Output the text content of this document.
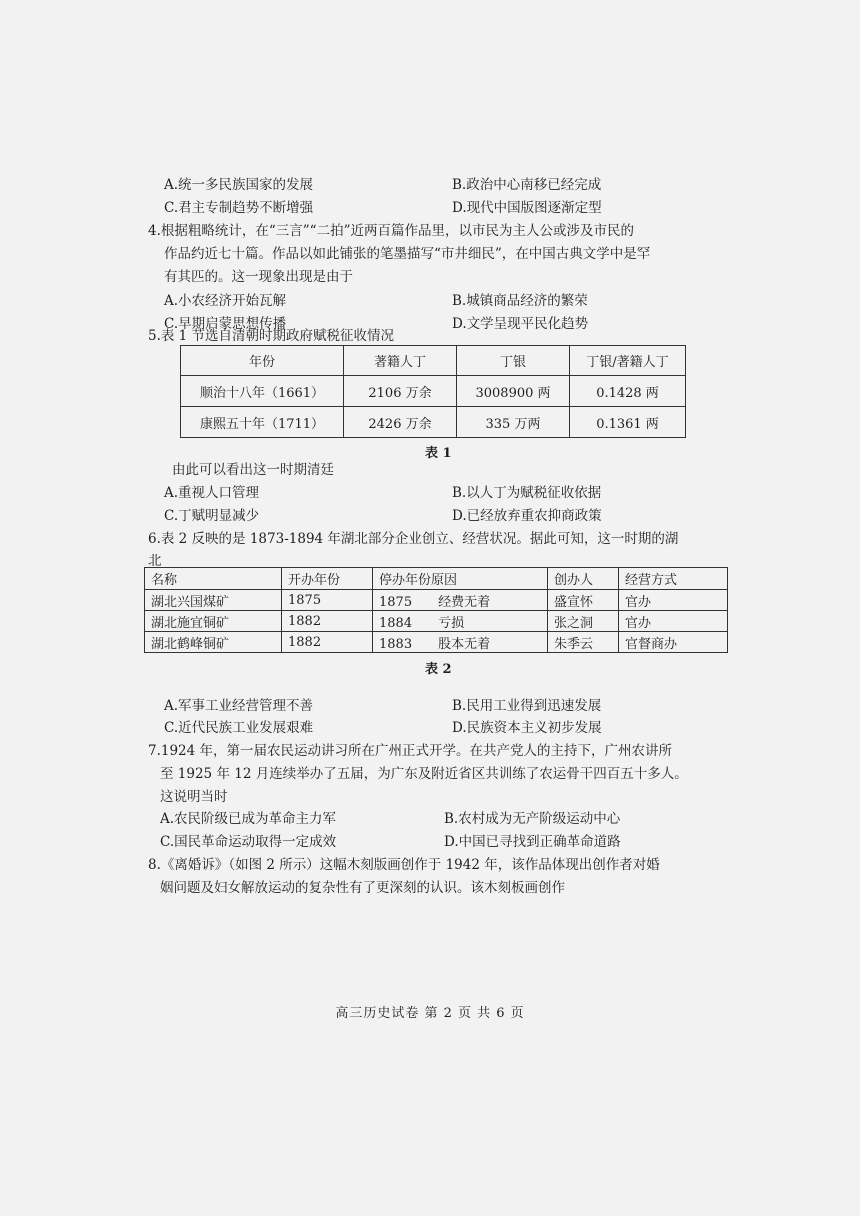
A.统一多民族国家的发展	B.政治中心南移已经完成
C.君主专制趋势不断增强	D.现代中国版图逐渐定型
4.根据粗略统计，在“三言”“二拍”近两百篇作品里，以市民为主人公或涉及市民的
作品约近七十篇。作品以如此铺张的笔墨描写“市井细民”，在中国古典文学中是罕
有其匹的。这一现象出现是由于
A.小农经济开始瓦解	B.城镇商品经济的繁荣
C.早期启蒙思想传播	D.文学呈现平民化趋势
5.表 1 节选自清朝时期政府赋税征收情况
年份	著籍人丁	丁银	丁银/著籍人丁
顺治十八年（1661）	2106 万余	3008900 两	0.1428 两
康熙五十年（1711）	2426 万余	335 万两	0.1361 两
表 1
由此可以看出这一时期清廷
A.重视人口管理	B.以人丁为赋税征收依据
C.丁赋明显减少	D.已经放弃重农抑商政策
6.表 2 反映的是 1873-1894 年湖北部分企业创立、经营状况。据此可知，这一时期的湖
北
名称	开办年份	停办年份原因	创办人	经营方式
湖北兴国煤矿	1875	1875　　经费无着	盛宣怀	官办
湖北施宜铜矿	1882	1884　　亏损	张之洞	官办
湖北鹤峰铜矿	1882	1883　　股本无着	朱季云	官督商办
表 2
A.军事工业经营管理不善	B.民用工业得到迅速发展
C.近代民族工业发展艰难	D.民族资本主义初步发展
7.1924 年，第一届农民运动讲习所在广州正式开学。在共产党人的主持下，广州农讲所
至 1925 年 12 月连续举办了五届，为广东及附近省区共训练了农运骨干四百五十多人。
这说明当时
A.农民阶级已成为革命主力军	B.农村成为无产阶级运动中心
C.国民革命运动取得一定成效	D.中国已寻找到正确革命道路
8.《离婚诉》（如图 2 所示）这幅木刻版画创作于 1942 年，该作品体现出创作者对婚
姻问题及妇女解放运动的复杂性有了更深刻的认识。该木刻板画创作
高三历史试卷 第 2 页 共 6 页
